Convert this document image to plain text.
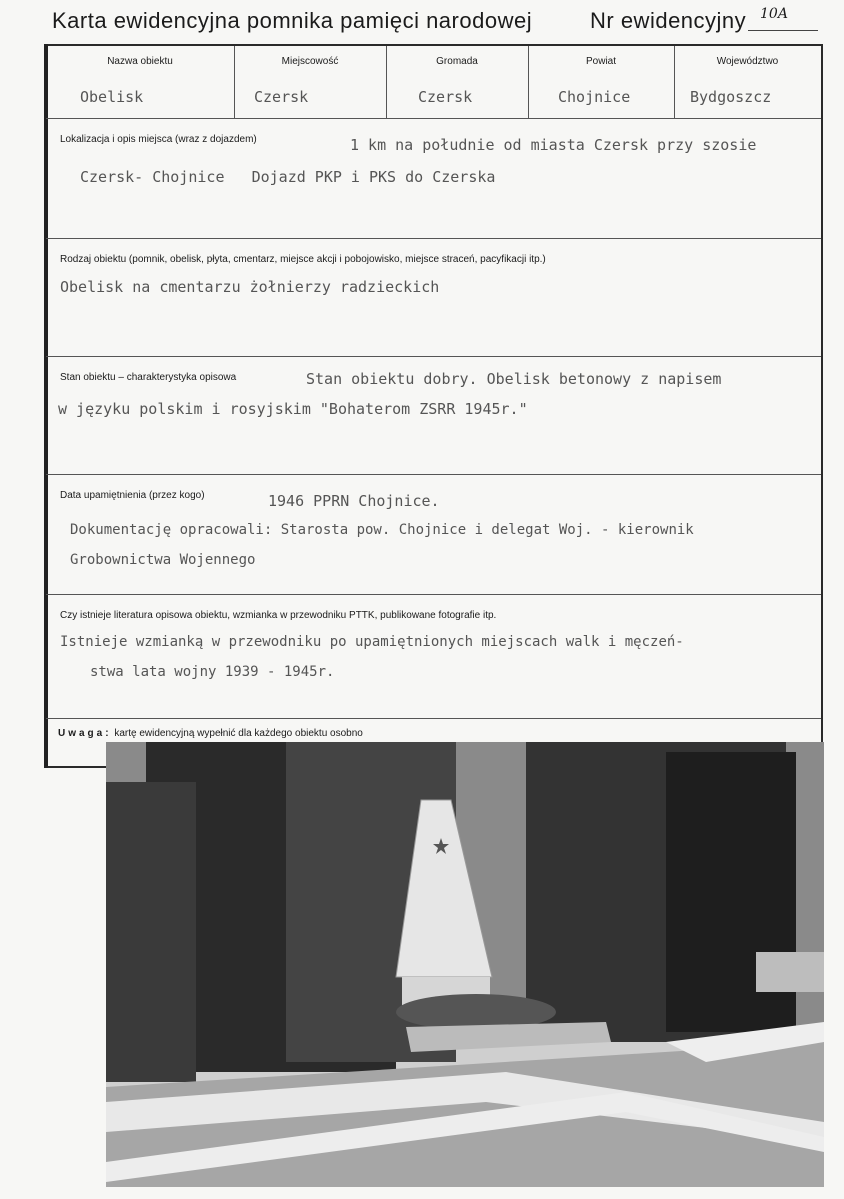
Karta ewidencyjna pomnika pamięci narodowej	Nr ewidencyjny 10A
Nazwa obiektu
Obelisk
Miejscowość
Czersk
Gromada
Czersk
Powiat
Chojnice
Województwo
Bydgoszcz
Lokalizacja i opis miejsca (wraz z dojazdem)	1 km na południe od miasta Czersk przy szosie
Czersk- Chojnice   Dojazd PKP i PKS do Czerska
Rodzaj obiektu (pomnik, obelisk, płyta, cmentarz, miejsce akcji i pobojowisko, miejsce straceń, pacyfikacji itp.)
Obelisk na cmentarzu żołnierzy radzieckich
Stan obiektu – charakterystyka opisowa	Stan obiektu dobry. Obelisk betonowy z napisem
w języku polskim i rosyjskim "Bohaterom ZSRR 1945r."
Data upamiętnienia (przez kogo)	1946 PPRN Chojnice.
Dokumentację opracowali: Starosta pow. Chojnice i delegat Woj. - kierownik
Grobownictwa Wojennego
Czy istnieje literatura opisowa obiektu, wzmianka w przewodniku PTTK, publikowane fotografie itp.
Istnieje wzmianką w przewodniku po upamiętnionych miejscach walk i męczeń-
stwa lata wojny 1939 - 1945r.
Uwaga: kartę ewidencyjną wypełnić dla każdego obiektu osobno
